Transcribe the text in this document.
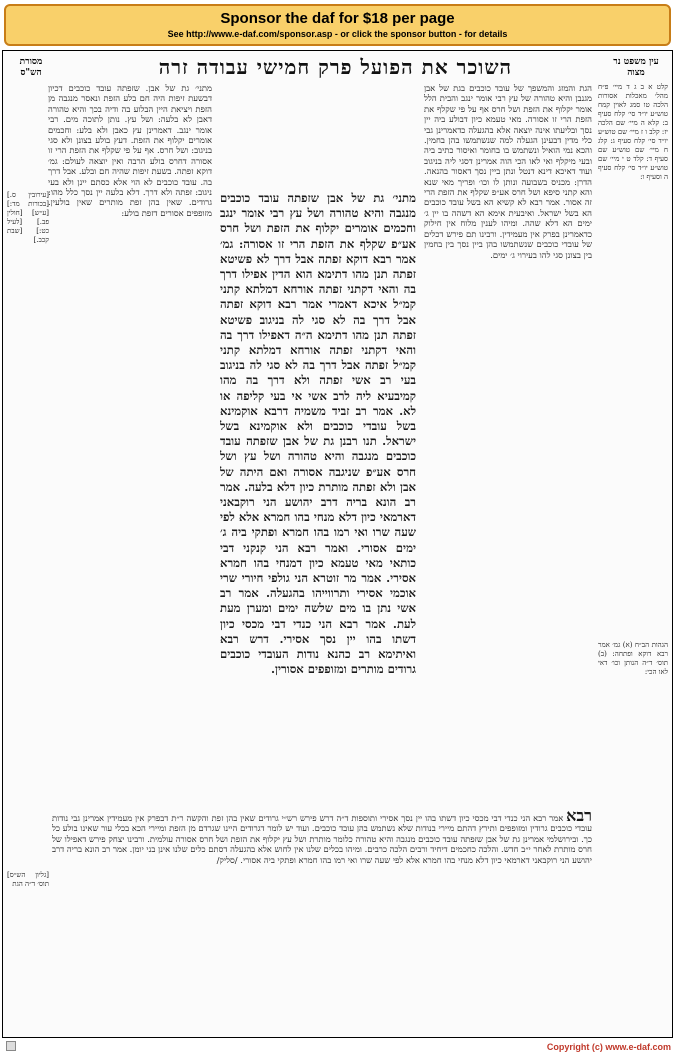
Sponsor the daf for $18 per page
See http://www.e-daf.com/sponsor.asp - or click the sponsor button - for details
עין משפט נר מצוה
השוכר את הפועל פרק חמישי עבודה זרה
מסורת הש"ס

קלט א ב ג ד מיי׳ פ״ח מהל׳ מאכלות אסורות הלכה טו סמג לאוין קמח טוש״ע יו״ד סי׳ קלח סעיף ב: קלא ה מיי׳ שם הלכה יז: קלב ו ז מיי׳ שם טוש״ע יו״ד סי׳ קלח סעיף ג: קלג ח מיי׳ שם טוש״ע שם סעיף ד: קלד ט י מיי׳ שם טוש״ע יו״ד סי׳ קלח סעיף ה וסעיף ו:

הגהות הב״ח (א) גמ׳ אמר רבא דוקא ופתחה: (ב) תוס׳ ד״ה הנותן וכו׳ דאי לאו הכי:

הגת והמזג והמשפך של עובד כוכבים בגת של אבן מגנבן והיא טהורה של עץ רבי אומר ינגב והבית הלל אומר יקלוף את הזפת ושל חרס אף על פי שקלף את הזפת הרי זו אסורה. מאי טעמא כיון דבולע ביה יין נסך ובליעתו אינה יוצאה אלא בהגעלה כדאמרינן גבי כלי מדין דבעינן הגעלה למה שנשתמשו בהן בחמין. והכא נמי הואיל ונשתמש בו בחומר ואיסור כתיב ביה ובעי מיקלף ואי לאו הכי הוה אמרינן דסגי ליה בניגוב ועוד דאיכא דינא דנטל ונתן ביין נסך דאסור בהנאה. הדרן: מכניס בשבועה ונותן לו וכו׳ ופריך מאי שנא והא קתני סיפא ושל חרס אע״פ שקלף את הזפת הרי זה אסור. אמר רבא לא קשיא הא בשל עובד כוכבים הא בשל ישראל. ואיבעית אימא הא דשהה בו יין ג׳ ימים הא דלא שהה. ומיהו לענין מלוח אין חילוק כדאמרינן בפרק אין מעמידין. ורבינו תם פירש דכלים של עובדי כוכבים שנשתמשו בהן ביין נסך בין בחמין בין בצונן סגי להו בעירוי ג׳ ימים.

מתני׳ גת של אבן שזפתה עובד כוכבים מנגבה והיא טהורה ושל עץ רבי אומר ינגב וחכמים אומרים יקלוף את הזפת ושל חרס אע״פ שקלף את הזפת הרי זו אסורה: גמ׳ אמר רבא דוקא זפתה אבל דרך לא פשיטא זפתה תנן מהו דתימא הוא הדין אפילו דרך בה והאי דקתני זפתה אורחא דמלתא קתני קמ״ל איכא דאמרי אמר רבא דוקא זפתה אבל דרך בה לא סגי לה בניגוב פשיטא זפתה תנן מהו דתימא ה״ה דאפילו דרך בה והאי דקתני זפתה אורחא דמלתא קתני קמ״ל זפתה אבל דרך בה לא סגי לה בניגוב בעי רב אשי זפתה ולא דרך בה מהו קמיבעיא ליה לרב אשי אי בעי קליפה או לא. אמר רב זביד משמיה דרבא אוקמינא בשל עובדי כוכבים ולא אוקמינא בשל ישראל. תנו רבנן גת של אבן שזפתה עובד כוכבים מנגבה והיא טהורה ושל עץ ושל חרס אע״פ שניגבה אסורה ואם היתה של אבן ולא זפתה מותרת כיון דלא בלעה. אמר רב הונא בריה דרב יהושע הני רוקבאני דארמאי כיון דלא מנחי בהו חמרא אלא לפי שעה שרו ואי רמו בהו חמרא ופתקי ביה ג׳ ימים אסורי. ואמר רבא הני קנקני דבי כותאי מאי טעמא כיון דמנחי בהו חמרא אסירי. אמר מר זוטרא הני גולפי חיורי שרי אוכמי אסירי ותרווייהו בהגעלה. אמר רב אשי נתן בו מים שלשה ימים ומערן מעת לעת. אמר רבא הני כנדי דבי מכסי כיון דשתו בהו יין נסך אסירי. דרש רבא ואיתימא רב כהנא נודות העובדי כוכבים גרודים מותרים ומזופפים אסורין.

מתני׳ גת של אבן. שזפתה עובד כוכבים דכיון דבשעת זיפות היה חם בלע הזפת ונאסר מנגבה מן הזפת ויציאת היין הבלוע בה ודיה בכך והיא טהורה דאבן לא בלעה: ושל עץ. נותן לתוכה מים. רבי אומר ינגב. דאמרינן עץ כאבן ולא בלע: וחכמים אומרים יקלוף את הזפת. דעץ בולע בצונן ולא סגי בניגוב: ושל חרס. אף על פי שקלף את הזפת הרי זו אסורה דחרס בולע הרבה ואין יוצאה לעולם: גמ׳ דוקא זפתה. בשעת זיפות שהיה חם ובלע. אבל דרך בה. עובד כוכבים לא הוי אלא כסתם יינן ולא בעי ניגוב: זפתה ולא דרך. דלא בלעה יין נסך כלל מהו: גרודים. שאין בהן זפת מותרים שאין בולעין. מזופפים אסורים דזפת בולע:

[עירובין ס.] [בכורות מד:] [ע״ש] [חולין פב.] [לעיל כט:] [שבת קכב.]

[גליון הש״ס] תוס׳ ד״ה הגת

רבא אמר רבא הני כנדי דבי מכסי כיון דשתו בהו יין נסך אסירי ותוספות ד״ה דרש פירש רש״י גרודים שאין בהן זפת והקשה ר״ת דבפרק אין מעמידין אמרינן גבי נודות עובדי כוכבים גרודין ומזופפים ותירץ דהתם מיירי בנודות שלא נשתמש בהן עובד כוכבים. ועוד יש לומר דגרודים היינו שגרדם מן הזפת ומיירי הכא בכלי עור שאינו בולע כל כך. ובירושלמי אמרינן גת של אבן שזפתה עובד כוכבים מנגבה והיא טהורה כלומר מותרת ושל עץ יקלוף את הזפת ושל חרס אסורה עולמית. ורבינו יצחק פירש דאפילו של חרס מותרת לאחר י״ב חדש. והלכה כחכמים דיחיד ורבים הלכה כרבים. ומיהו בכלים שלנו אין לחוש אלא בהגעלה דסתם כלים שלנו אינן בני יומן. אמר רב הונא בריה דרב יהושע הני רוקבאני דארמאי כיון דלא מנחי בהו חמרא אלא לפי שעה שרו ואי רמו בהו חמרא ופתקי ביה אסורי. /סליק/

Copyright (c) www.e-daf.com
